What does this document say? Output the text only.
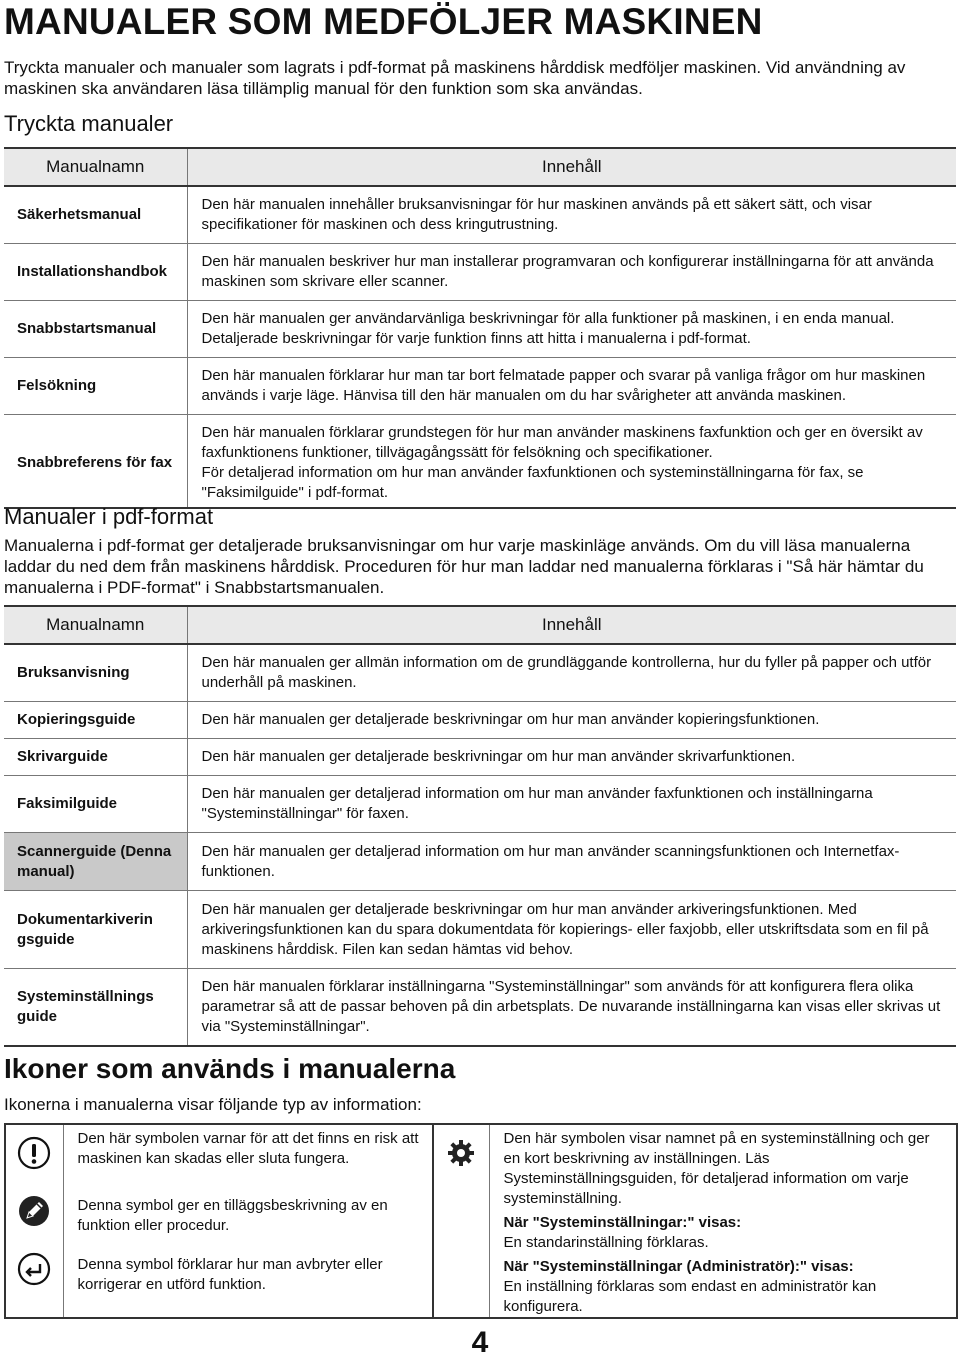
MANUALER SOM MEDFÖLJER MASKINEN

Tryckta manualer och manualer som lagrats i pdf-format på maskinens hårddisk medföljer maskinen. Vid användning av maskinen ska användaren läsa tillämplig manual för den funktion som ska användas.

Tryckta manualer
Manualnamn	Innehåll
Säkerhetsmanual	Den här manualen innehåller bruksanvisningar för hur maskinen används på ett säkert sätt, och visar specifikationer för maskinen och dess kringutrustning.
Installationshandbok	Den här manualen beskriver hur man installerar programvaran och konfigurerar inställningarna för att använda maskinen som skrivare eller scanner.
Snabbstartsmanual	Den här manualen ger användarvänliga beskrivningar för alla funktioner på maskinen, i en enda manual. Detaljerade beskrivningar för varje funktion finns att hitta i manualerna i pdf-format.
Felsökning	Den här manualen förklarar hur man tar bort felmatade papper och svarar på vanliga frågor om hur maskinen används i varje läge. Hänvisa till den här manualen om du har svårigheter att använda maskinen.
Snabbreferens för fax	Den här manualen förklarar grundstegen för hur man använder maskinens faxfunktion och ger en översikt av faxfunktionens funktioner, tillvägagångssätt för felsökning och specifikationer.
För detaljerad information om hur man använder faxfunktionen och systeminställningarna för fax, se "Faksimilguide" i pdf-format.
Manualer i pdf-format

Manualerna i pdf-format ger detaljerade bruksanvisningar om hur varje maskinläge används. Om du vill läsa manualerna laddar du ned dem från maskinens hårddisk. Proceduren för hur man laddar ned manualerna förklaras i "Så här hämtar du manualerna i PDF-format" i Snabbstartsmanualen.

Manualnamn	Innehåll
Bruksanvisning	Den här manualen ger allmän information om de grundläggande kontrollerna, hur du fyller på papper och utför underhåll på maskinen.
Kopieringsguide	Den här manualen ger detaljerade beskrivningar om hur man använder kopieringsfunktionen.
Skrivarguide	Den här manualen ger detaljerade beskrivningar om hur man använder skrivarfunktionen.
Faksimilguide	Den här manualen ger detaljerad information om hur man använder faxfunktionen och inställningarna "Systeminställningar" för faxen.
Scannerguide (Denna manual)	Den här manualen ger detaljerad information om hur man använder scanningsfunktionen och Internetfax-funktionen.
Dokumentarkiverin gsguide	Den här manualen ger detaljerade beskrivningar om hur man använder arkiveringsfunktionen. Med arkiveringsfunktionen kan du spara dokumentdata för kopierings- eller faxjobb, eller utskriftsdata som en fil på maskinens hårddisk. Filen kan sedan hämtas vid behov.
Systeminställnings guide	Den här manualen förklarar inställningarna "Systeminställningar" som används för att konfigurera flera olika parametrar så att de passar behoven på din arbetsplats. De nuvarande inställningarna kan visas eller skrivas ut via "Systeminställningar".
Ikoner som används i manualerna

Ikonerna i manualerna visar följande typ av information:

Den här symbolen varnar för att det finns en risk att maskinen kan skadas eller sluta fungera.

Denna symbol ger en tilläggsbeskrivning av en funktion eller procedur.

Denna symbol förklarar hur man avbryter eller korrigerar en utförd funktion.

Den här symbolen visar namnet på en systeminställning och ger en kort beskrivning av inställningen. Läs Systeminställningsguiden, för detaljerad information om varje systeminställning.

När "Systeminställningar:" visas:

En standarinställning förklaras.

När "Systeminställningar (Administratör):" visas:

En inställning förklaras som endast en administratör kan konfigurera.

4
